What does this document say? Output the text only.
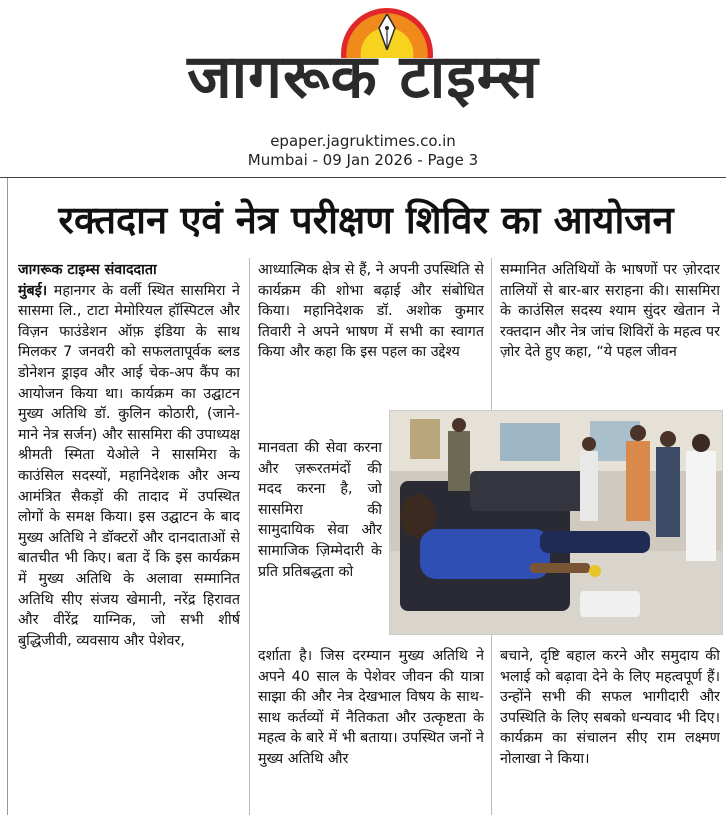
जागरूक टाइम्स
epaper.jagruktimes.co.in
Mumbai - 09 Jan 2026 - Page 3
रक्तदान एवं नेत्र परीक्षण शिविर का आयोजन
जागरूक टाइम्स संवाददाता
मुंबई। महानगर के वर्ली स्थित सासमिरा ने सासमा लि., टाटा मेमोरियल हॉस्पिटल और विज़न फाउंडेशन ऑफ़ इंडिया के साथ मिलकर 7 जनवरी को सफलतापूर्वक ब्लड डोनेशन ड्राइव और आई चेक-अप कैंप का आयोजन किया था। कार्यक्रम का उद्घाटन मुख्य अतिथि डॉ. कुलिन कोठारी, (जाने-माने नेत्र सर्जन) और सासमिरा की उपाध्यक्ष श्रीमती स्मिता येओले ने सासमिरा के काउंसिल सदस्यों, महानिदेशक और अन्य आमंत्रित सैकड़ों की तादाद में उपस्थित लोगों के समक्ष किया। इस उद्घाटन के बाद मुख्य अतिथि ने डॉक्टरों और दानदाताओं से बातचीत भी किए। बता दें कि इस कार्यक्रम में मुख्य अतिथि के अलावा सम्मानित अतिथि सीए संजय खेमानी, नरेंद्र हिरावत और वीरेंद्र याग्निक, जो सभी शीर्ष बुद्धिजीवी, व्यवसाय और पेशेवर,
आध्यात्मिक क्षेत्र से हैं, ने अपनी उपस्थिति से कार्यक्रम की शोभा बढ़ाई और संबोधित किया। महानिदेशक डॉ. अशोक कुमार तिवारी ने अपने भाषण में सभी का स्वागत किया और कहा कि इस पहल का उद्देश्य
मानवता की सेवा करना और ज़रूरतमंदों की मदद करना है, जो सासमिरा की सामुदायिक सेवा और सामाजिक ज़िम्मेदारी के प्रति प्रतिबद्धता को
दर्शाता है। जिस दरम्यान मुख्य अतिथि ने अपने 40 साल के पेशेवर जीवन की यात्रा साझा की और नेत्र देखभाल विषय के साथ-साथ कर्तव्यों में नैतिकता और उत्कृष्टता के महत्व के बारे में भी बताया। उपस्थित जनों ने मुख्य अतिथि और
सम्मानित अतिथियों के भाषणों पर ज़ोरदार तालियों से बार-बार सराहना की। सासमिरा के काउंसिल सदस्य श्याम सुंदर खेतान ने रक्तदान और नेत्र जांच शिविरों के महत्व पर ज़ोर देते हुए कहा, “ये पहल जीवन
बचाने, दृष्टि बहाल करने और समुदाय की भलाई को बढ़ावा देने के लिए महत्वपूर्ण हैं। उन्होंने सभी की सफल भागीदारी और उपस्थिति के लिए सबको धन्यवाद भी दिए। कार्यक्रम का संचालन सीए राम लक्ष्मण नोलाखा ने किया।
